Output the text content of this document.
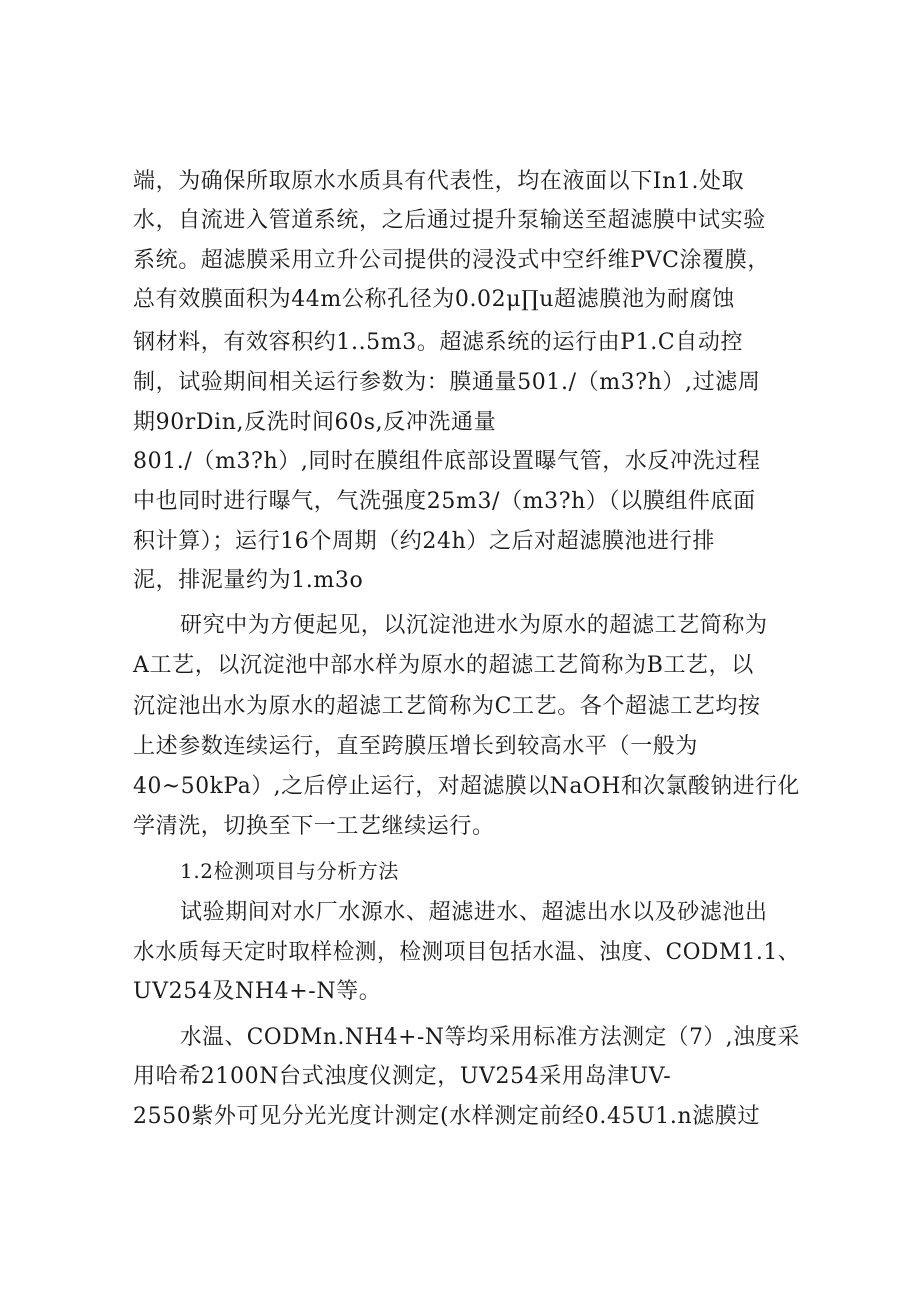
端，为确保所取原水水质具有代表性，均在液面以下In1.处取
水，自流进入管道系统，之后通过提升泵输送至超滤膜中试实验
系统。超滤膜采用立升公司提供的浸没式中空纤维PVC涂覆膜，
总有效膜面积为44m公称孔径为0.02μ∏u超滤膜池为耐腐蚀
钢材料，有效容积约1..5m3。超滤系统的运行由P1.C自动控
制，试验期间相关运行参数为：膜通量501./（m3?h）,过滤周
期90rDin,反洗时间60s,反冲洗通量
801./（m3?h）,同时在膜组件底部设置曝气管，水反冲洗过程
中也同时进行曝气，气洗强度25m3/（m3?h）（以膜组件底面
积计算）；运行16个周期（约24h）之后对超滤膜池进行排
泥，排泥量约为1.m3o
研究中为方便起见，以沉淀池进水为原水的超滤工艺简称为
A工艺，以沉淀池中部水样为原水的超滤工艺简称为B工艺，以
沉淀池出水为原水的超滤工艺简称为C工艺。各个超滤工艺均按
上述参数连续运行，直至跨膜压增长到较高水平（一般为
40~50kPa）,之后停止运行，对超滤膜以NaOH和次氯酸钠进行化
学清洗，切换至下一工艺继续运行。
1.2检测项目与分析方法
试验期间对水厂水源水、超滤进水、超滤出水以及砂滤池出
水水质每天定时取样检测，检测项目包括水温、浊度、CODM1.1、
UV254及NH4+-N等。
水温、CODMn.NH4+-N等均采用标准方法测定（7）,浊度采
用哈希2100N台式浊度仪测定，UV254采用岛津UV-
2550紫外可见分光光度计测定(水样测定前经0.45U1.n滤膜过
